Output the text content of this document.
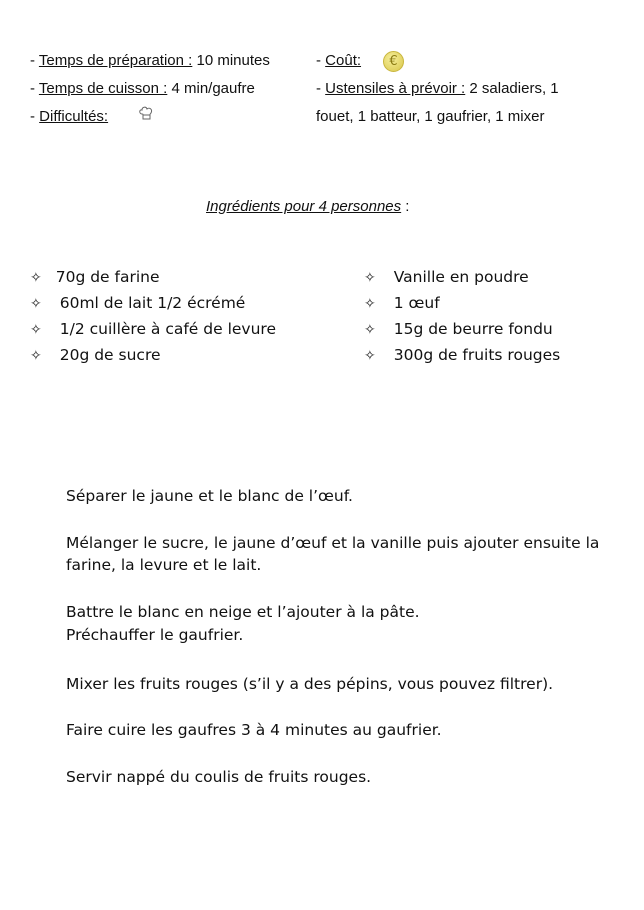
- Temps de préparation : 10 minutes
- Temps de cuisson : 4 min/gaufre
- Difficultés:
- Coût:	€
- Ustensiles à prévoir : 2 saladiers, 1
fouet, 1 batteur, 1 gaufrier, 1 mixer
Ingrédients pour 4 personnes :
✧ 70g de farine
✧ 60ml de lait 1/2 écrémé
✧ 1/2 cuillère à café de levure
✧ 20g de sucre
✧ Vanille en poudre
✧ 1 œuf
✧ 15g de beurre fondu
✧ 300g de fruits rouges
Séparer le jaune et le blanc de l’œuf.
Mélanger le sucre, le jaune d’œuf et la vanille puis ajouter ensuite la farine, la levure et le lait.
Battre le blanc en neige et l’ajouter à la pâte.
Préchauffer le gaufrier.
Mixer les fruits rouges (s’il y a des pépins, vous pouvez filtrer).
Faire cuire les gaufres 3 à 4 minutes au gaufrier.
Servir nappé du coulis de fruits rouges.
